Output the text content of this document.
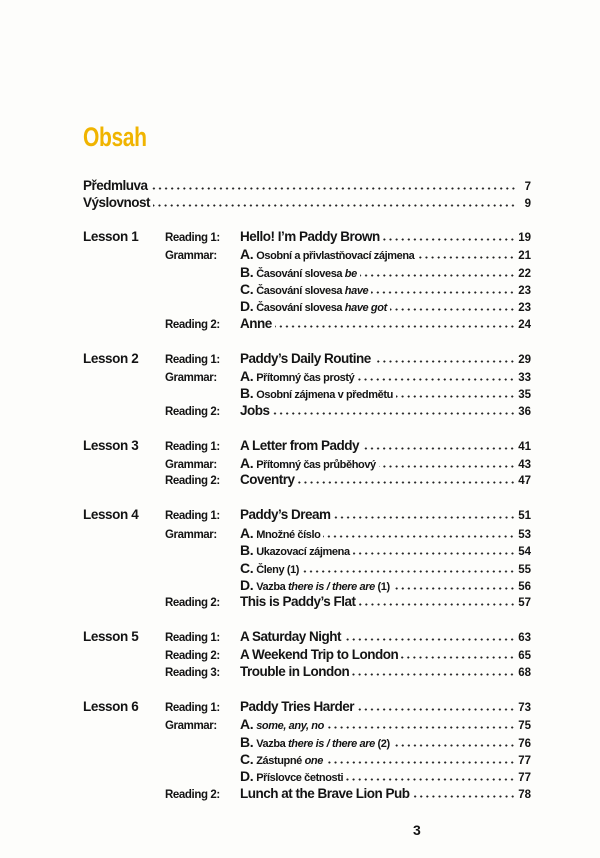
Obsah
Předmluva	7
Výslovnost	9
Lesson 1	Reading 1:	Hello! I’m Paddy Brown	19
Grammar:	A. Osobní a přivlastňovací zájmena	21
B. Časování slovesa be	22
C. Časování slovesa have	23
D. Časování slovesa have got	23
Reading 2:	Anne	24
Lesson 2	Reading 1:	Paddy’s Daily Routine	29
Grammar:	A. Přítomný čas prostý	33
B. Osobní zájmena v předmětu	35
Reading 2:	Jobs	36
Lesson 3	Reading 1:	A Letter from Paddy	41
Grammar:	A. Přítomný čas průběhový	43
Reading 2:	Coventry	47
Lesson 4	Reading 1:	Paddy’s Dream	51
Grammar:	A. Množné číslo	53
B. Ukazovací zájmena	54
C. Členy (1)	55
D. Vazba there is / there are (1)	56
Reading 2:	This is Paddy’s Flat	57
Lesson 5	Reading 1:	A Saturday Night	63
Reading 2:	A Weekend Trip to London	65
Reading 3:	Trouble in London	68
Lesson 6	Reading 1:	Paddy Tries Harder	73
Grammar:	A. some, any, no	75
B. Vazba there is / there are (2)	76
C. Zástupné one	77
D. Příslovce četnosti	77
Reading 2:	Lunch at the Brave Lion Pub	78
3
